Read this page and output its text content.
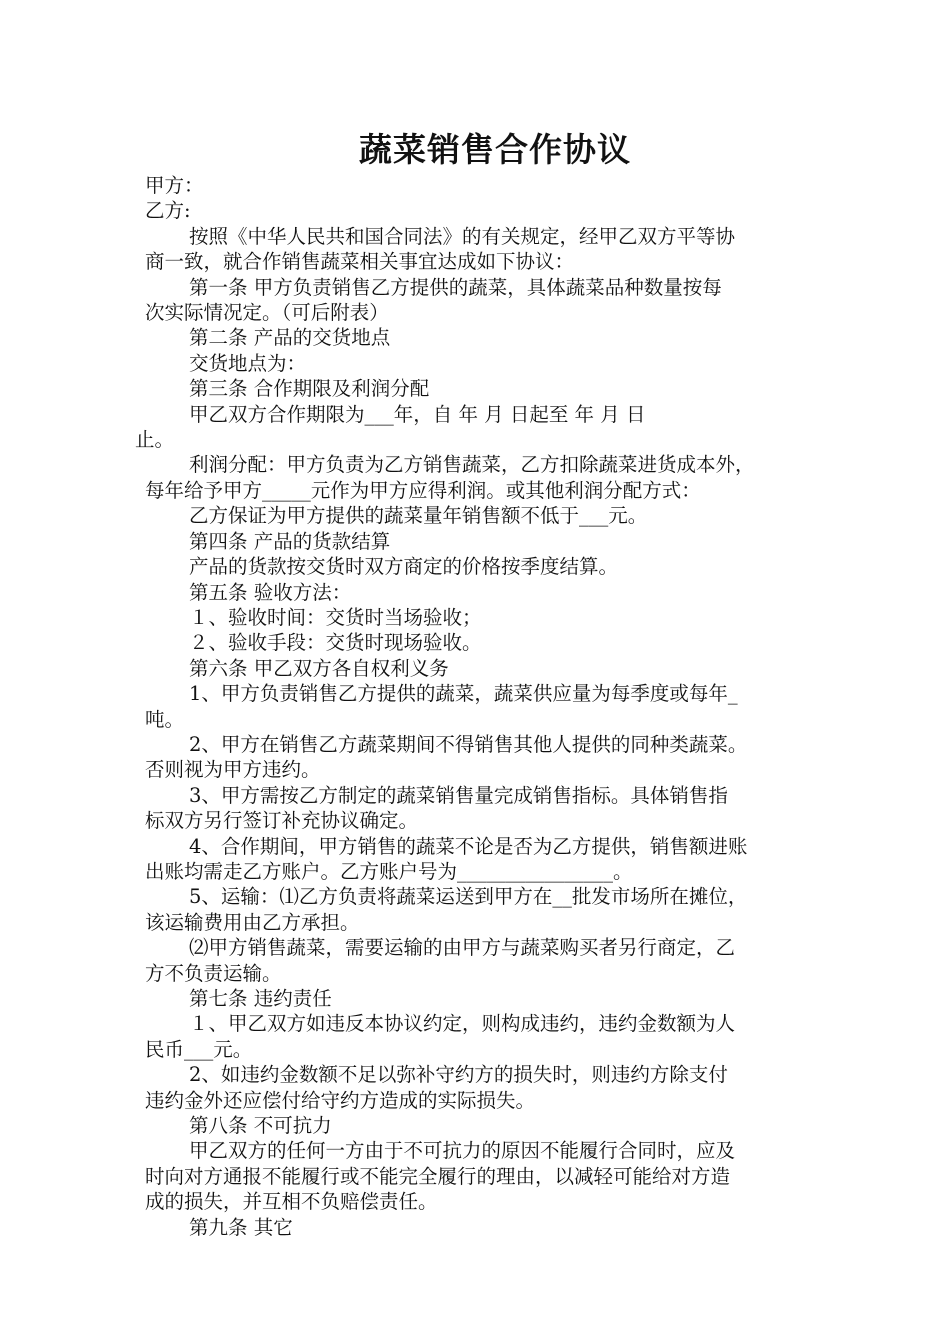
蔬菜销售合作协议

甲方：

乙方:

按照《中华人民共和国合同法》的有关规定，经甲乙双方平等协

商一致，就合作销售蔬菜相关事宜达成如下协议：

第一条 甲方负责销售乙方提供的蔬菜，具体蔬菜品种数量按每

次实际情况定。（可后附表）

第二条 产品的交货地点

交货地点为：

第三条 合作期限及利润分配

甲乙双方合作期限为___年，自 年 月 日起至 年 月 日

止。

利润分配：甲方负责为乙方销售蔬菜，乙方扣除蔬菜进货成本外，

每年给予甲方_____元作为甲方应得利润。或其他利润分配方式：

乙方保证为甲方提供的蔬菜量年销售额不低于___元。

第四条 产品的货款结算

产品的货款按交货时双方商定的价格按季度结算。

第五条 验收方法：

１、验收时间：交货时当场验收；

２、验收手段：交货时现场验收。

第六条 甲乙双方各自权利义务

1、甲方负责销售乙方提供的蔬菜，蔬菜供应量为每季度或每年_

吨。

2、甲方在销售乙方蔬菜期间不得销售其他人提供的同种类蔬菜。

否则视为甲方违约。

3、甲方需按乙方制定的蔬菜销售量完成销售指标。具体销售指

标双方另行签订补充协议确定。

4、合作期间，甲方销售的蔬菜不论是否为乙方提供，销售额进账

出账均需走乙方账户。乙方账户号为________________。

5、运输：⑴乙方负责将蔬菜运送到甲方在__批发市场所在摊位，

该运输费用由乙方承担。

⑵甲方销售蔬菜，需要运输的由甲方与蔬菜购买者另行商定，乙

方不负责运输。

第七条 违约责任

１、甲乙双方如违反本协议约定，则构成违约，违约金数额为人

民币___元。

2、如违约金数额不足以弥补守约方的损失时，则违约方除支付

违约金外还应偿付给守约方造成的实际损失。

第八条 不可抗力

甲乙双方的任何一方由于不可抗力的原因不能履行合同时，应及

时向对方通报不能履行或不能完全履行的理由，以减轻可能给对方造

成的损失，并互相不负赔偿责任。

第九条 其它
